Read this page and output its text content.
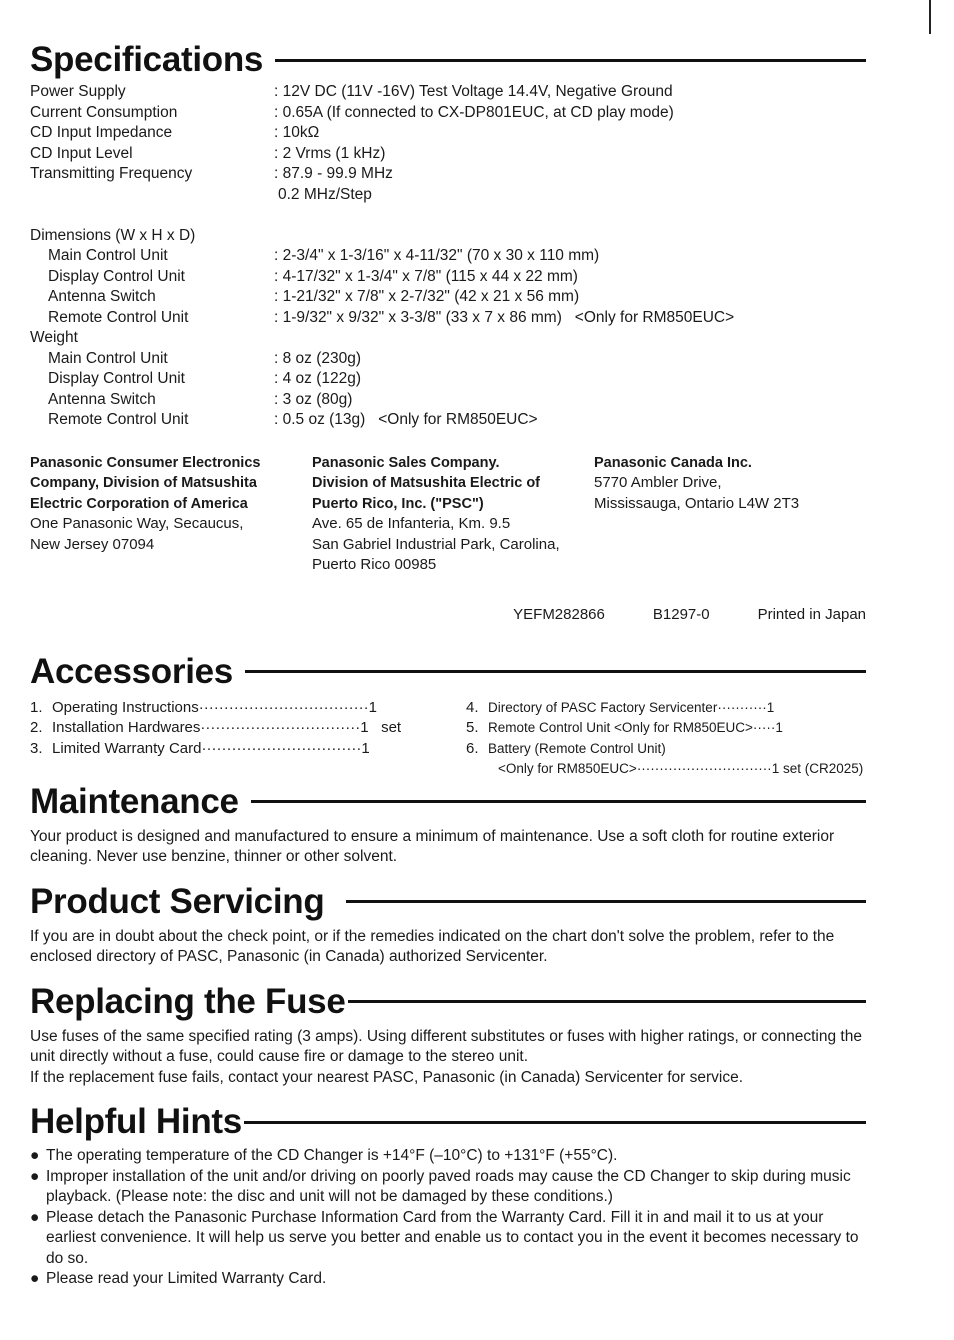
Specifications
Power Supply	: 12V DC (11V -16V) Test Voltage 14.4V, Negative Ground
Current Consumption	: 0.65A (If connected to CX-DP801EUC, at CD play mode)
CD Input Impedance	: 10kΩ
CD Input Level	: 2 Vrms (1 kHz)
Transmitting Frequency	: 87.9 - 99.9 MHz
0.2 MHz/Step
Dimensions (W x H x D)
Main Control Unit	: 2-3/4" x 1-3/16" x 4-11/32" (70 x 30 x 110 mm)
Display Control Unit	: 4-17/32" x 1-3/4" x 7/8" (115 x 44 x 22 mm)
Antenna Switch	: 1-21/32" x 7/8" x 2-7/32" (42 x 21 x 56 mm)
Remote Control Unit	: 1-9/32" x 9/32" x 3-3/8" (33 x 7 x 86 mm)   <Only for RM850EUC>
Weight
Main Control Unit	: 8 oz (230g)
Display Control Unit	: 4 oz (122g)
Antenna Switch	: 3 oz (80g)
Remote Control Unit	: 0.5 oz (13g)   <Only for RM850EUC>
Panasonic Consumer Electronics
Company, Division of Matsushita
Electric Corporation of America
One Panasonic Way, Secaucus,
New Jersey 07094
Panasonic Sales Company.
Division of Matsushita Electric of
Puerto Rico, Inc. ("PSC")
Ave. 65 de Infanteria, Km. 9.5
San Gabriel Industrial Park, Carolina,
Puerto Rico 00985
Panasonic Canada Inc.
5770 Ambler Drive,
Mississauga, Ontario L4W 2T3
YEFM282866	B1297-0	Printed in Japan
Accessories
1. Operating Instructions ·································· 1
2. Installation Hardwares ································ 1   set
3. Limited Warranty Card ································ 1
4. Directory of PASC Factory Servicenter ··········· 1
5. Remote Control Unit <Only for RM850EUC> ····· 1
6. Battery (Remote Control Unit)
<Only for RM850EUC> ······························ 1 set (CR2025)
Maintenance
Your product is designed and manufactured to ensure a minimum of maintenance. Use a soft cloth for routine exterior cleaning. Never use benzine, thinner or other solvent.
Product Servicing
If you are in doubt about the check point, or if the remedies indicated on the chart don't solve the problem, refer to the enclosed directory of PASC, Panasonic (in Canada) authorized Servicenter.
Replacing the Fuse
Use fuses of the same specified rating (3 amps). Using different substitutes or fuses with higher ratings, or connecting the unit directly without a fuse, could cause fire or damage to the stereo unit.
If the replacement fuse fails, contact your nearest PASC, Panasonic (in Canada) Servicenter for service.
Helpful Hints
● The operating temperature of the CD Changer is +14°F (–10°C) to +131°F (+55°C).
● Improper installation of the unit and/or driving on poorly paved roads may cause the CD Changer to skip during music playback. (Please note: the disc and unit will not be damaged by these conditions.)
● Please detach the Panasonic Purchase Information Card from the Warranty Card. Fill it in and mail it to us at your earliest convenience. It will help us serve you better and enable us to contact you in the event it becomes necessary to do so.
● Please read your Limited Warranty Card.
